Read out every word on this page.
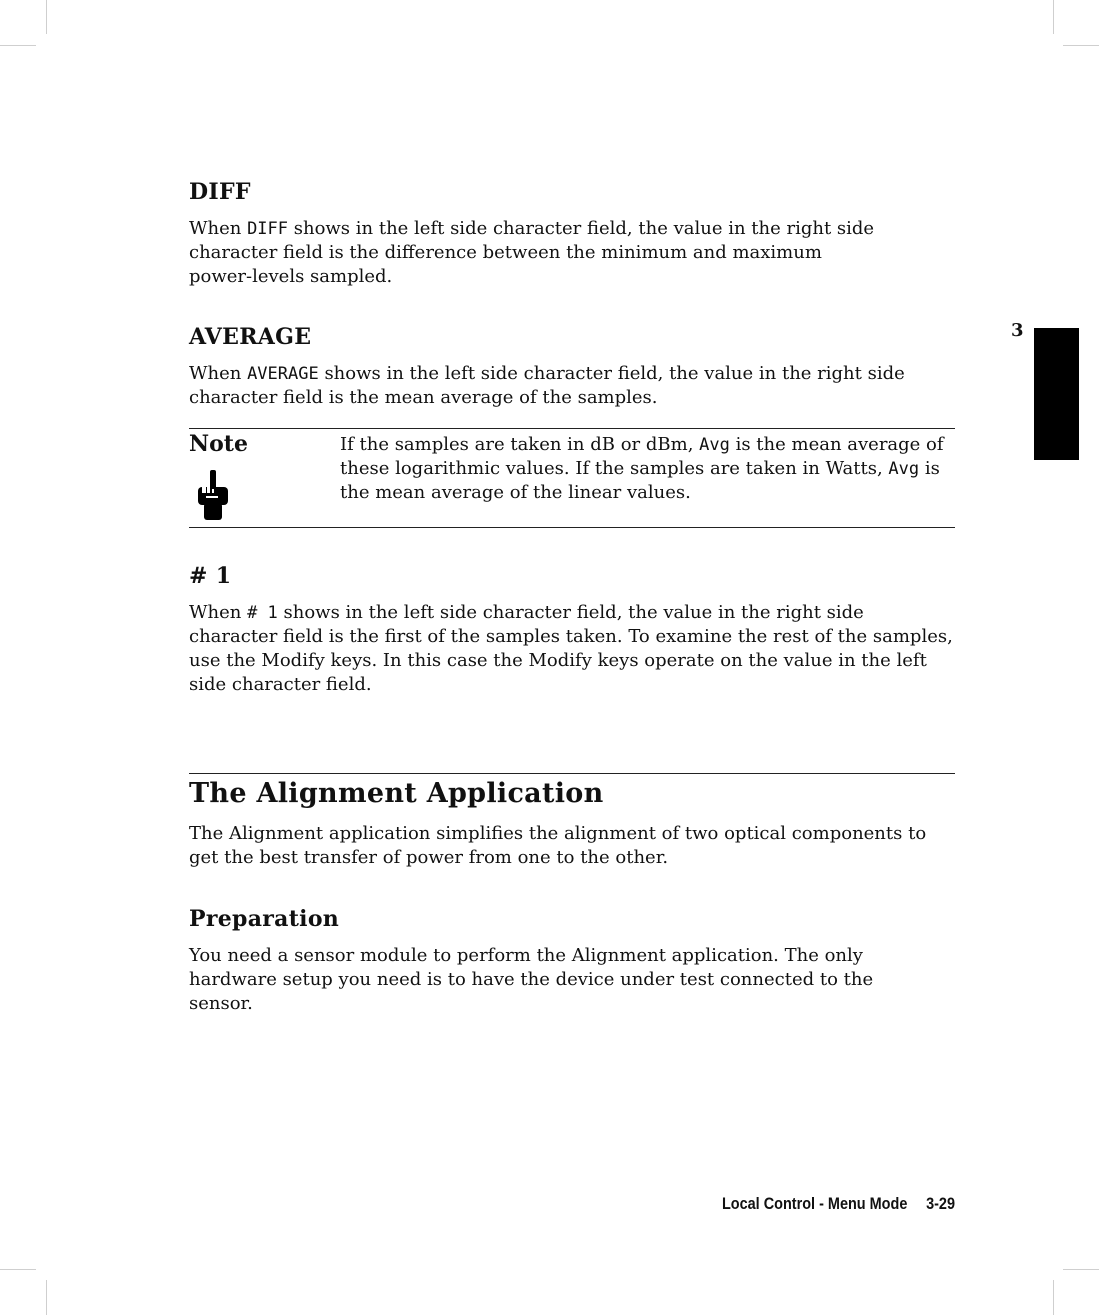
DIFF

When DIFF shows in the left side character field, the value in the right side character field is the difference between the minimum and maximum power-levels sampled.

AVERAGE

When AVERAGE shows in the left side character field, the value in the right side character field is the mean average of the samples.

Note	If the samples are taken in dB or dBm, Avg is the mean average of these logarithmic values. If the samples are taken in Watts, Avg is the mean average of the linear values.

# 1

When # 1 shows in the left side character field, the value in the right side character field is the first of the samples taken. To examine the rest of the samples, use the Modify keys. In this case the Modify keys operate on the value in the left side character field.

The Alignment Application

The Alignment application simplifies the alignment of two optical components to get the best transfer of power from one to the other.

Preparation

You need a sensor module to perform the Alignment application. The only hardware setup you need is to have the device under test connected to the sensor.

3
Local Control - Menu Mode 3-29
